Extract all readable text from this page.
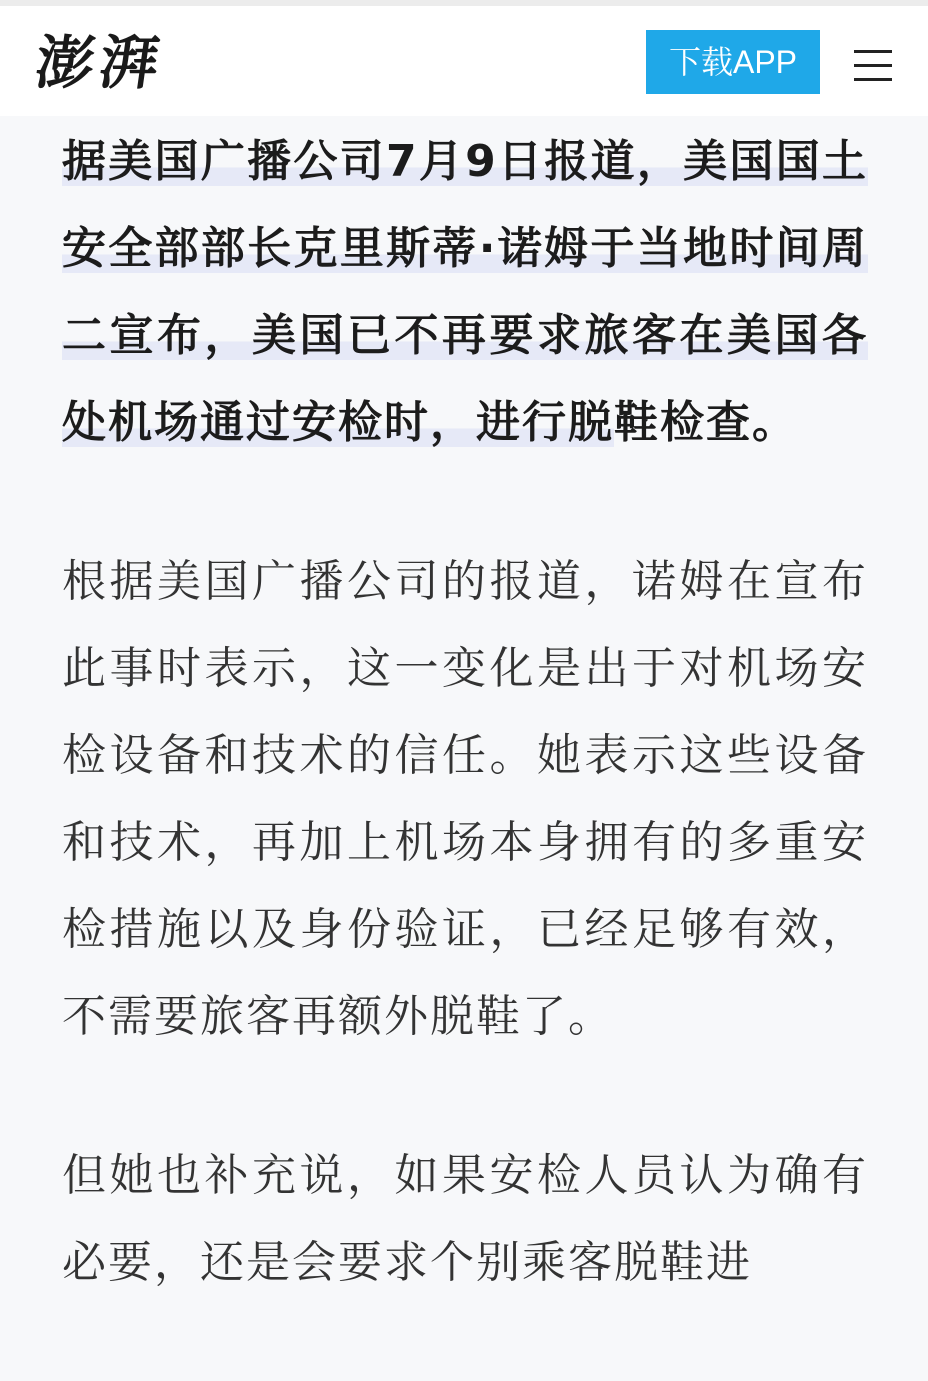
澎湃	下载APP

据美国广播公司7月9日报道，美国国土安全部部长克里斯蒂·诺姆于当地时间周二宣布，美国已不再要求旅客在美国各处机场通过安检时，进行脱鞋检查。

根据美国广播公司的报道，诺姆在宣布此事时表示，这一变化是出于对机场安检设备和技术的信任。她表示这些设备和技术，再加上机场本身拥有的多重安检措施以及身份验证，已经足够有效，不需要旅客再额外脱鞋了。

但她也补充说，如果安检人员认为确有必要，还是会要求个别乘客脱鞋进
